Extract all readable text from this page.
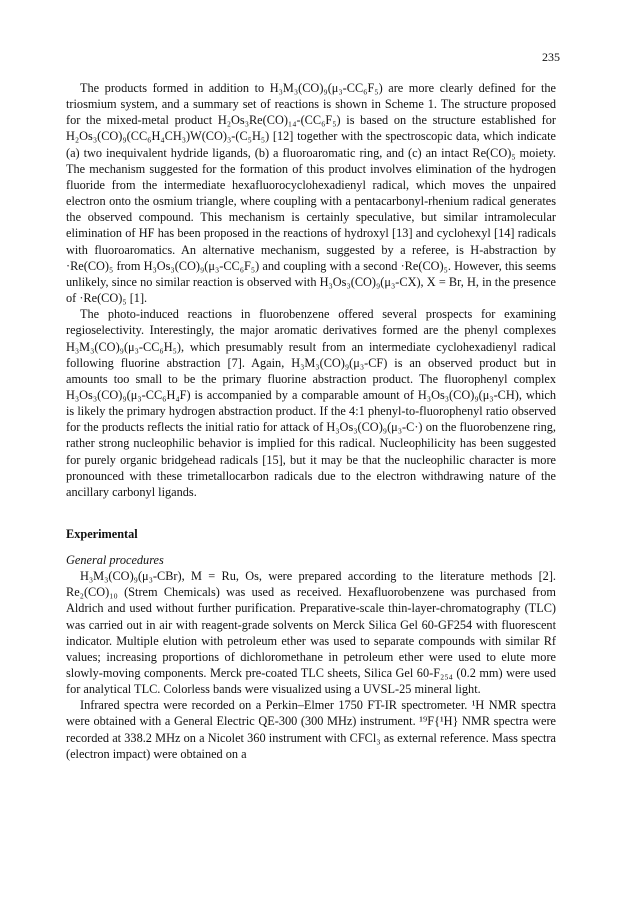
235

The products formed in addition to H₃M₃(CO)₉(μ₃-CC₆F₅) are more clearly defined for the triosmium system, and a summary set of reactions is shown in Scheme 1. The structure proposed for the mixed-metal product H₂Os₃Re(CO)₁₄-(CC₆F₅) is based on the structure established for H₂Os₃(CO)₉(CC₆H₄CH₃)W(CO)₃-(C₅H₅) [12] together with the spectroscopic data, which indicate (a) two inequivalent hydride ligands, (b) a fluoroaromatic ring, and (c) an intact Re(CO)₅ moiety. The mechanism suggested for the formation of this product involves elimination of the hydrogen fluoride from the intermediate hexafluorocyclohexadienyl radical, which moves the unpaired electron onto the osmium triangle, where coupling with a pentacarbonyl-rhenium radical generates the observed compound. This mechanism is certainly speculative, but similar intramolecular elimination of HF has been proposed in the reactions of hydroxyl [13] and cyclohexyl [14] radicals with fluoroaromatics. An alternative mechanism, suggested by a referee, is H-abstraction by ·Re(CO)₅ from H₃Os₃(CO)₉(μ₃-CC₆F₅) and coupling with a second ·Re(CO)₅. However, this seems unlikely, since no similar reaction is observed with H₃Os₃(CO)₉(μ₃-CX), X = Br, H, in the presence of ·Re(CO)₅ [1].

The photo-induced reactions in fluorobenzene offered several prospects for examining regioselectivity. Interestingly, the major aromatic derivatives formed are the phenyl complexes H₃M₃(CO)₉(μ₃-CC₆H₅), which presumably result from an intermediate cyclohexadienyl radical following fluorine abstraction [7]. Again, H₃M₃(CO)₉(μ₃-CF) is an observed product but in amounts too small to be the primary fluorine abstraction product. The fluorophenyl complex H₃Os₃(CO)₉(μ₃-CC₆H₄F) is accompanied by a comparable amount of H₃Os₃(CO)₉(μ₃-CH), which is likely the primary hydrogen abstraction product. If the 4:1 phenyl-to-fluorophenyl ratio observed for the products reflects the initial ratio for attack of H₃Os₃(CO)₉(μ₃-C·) on the fluorobenzene ring, rather strong nucleophilic behavior is implied for this radical. Nucleophilicity has been suggested for purely organic bridgehead radicals [15], but it may be that the nucleophilic character is more pronounced with these trimetallocarbon radicals due to the electron withdrawing nature of the ancillary carbonyl ligands.

Experimental
General procedures

H₃M₃(CO)₉(μ₃-CBr), M = Ru, Os, were prepared according to the literature methods [2]. Re₂(CO)₁₀ (Strem Chemicals) was used as received. Hexafluorobenzene was purchased from Aldrich and used without further purification. Preparative-scale thin-layer-chromatography (TLC) was carried out in air with reagent-grade solvents on Merck Silica Gel 60-GF254 with fluorescent indicator. Multiple elution with petroleum ether was used to separate compounds with similar Rf values; increasing proportions of dichloromethane in petroleum ether were used to elute more slowly-moving components. Merck pre-coated TLC sheets, Silica Gel 60-F₂₅₄ (0.2 mm) were used for analytical TLC. Colorless bands were visualized using a UVSL-25 mineral light.

Infrared spectra were recorded on a Perkin–Elmer 1750 FT-IR spectrometer. ¹H NMR spectra were obtained with a General Electric QE-300 (300 MHz) instrument. ¹⁹F{¹H} NMR spectra were recorded at 338.2 MHz on a Nicolet 360 instrument with CFCl₃ as external reference. Mass spectra (electron impact) were obtained on a
